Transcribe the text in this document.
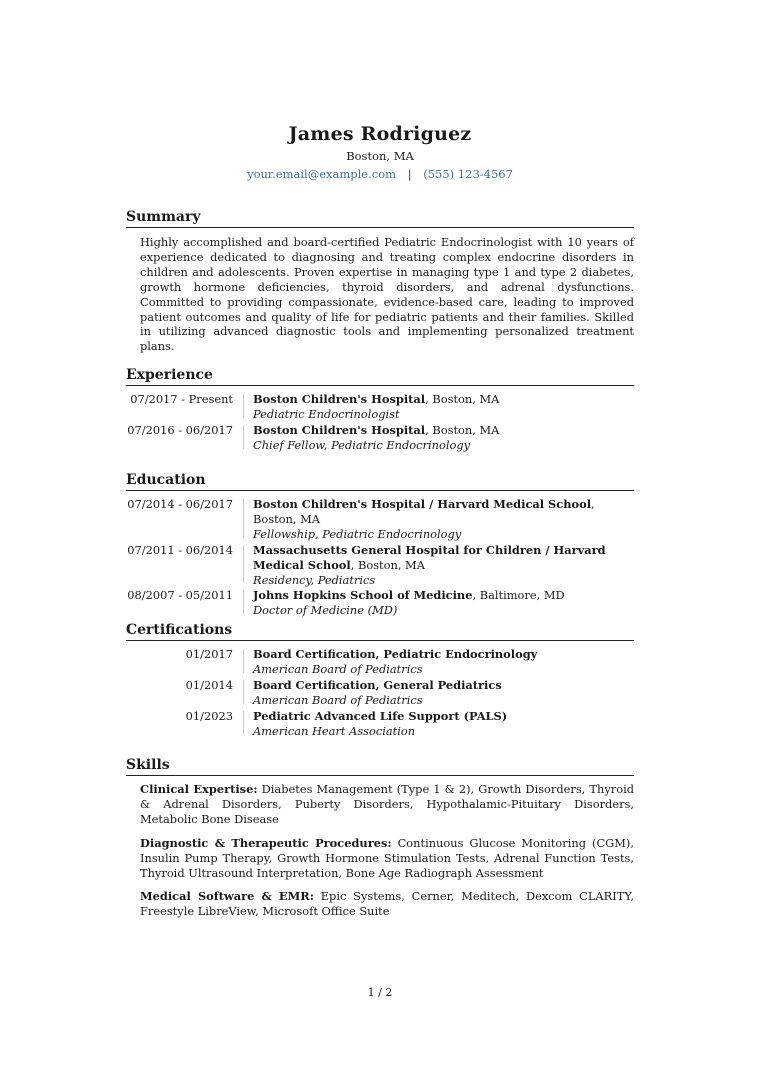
James Rodriguez
Boston, MA
your.email@example.com | (555) 123-4567
Summary
Highly accomplished and board-certified Pediatric Endocrinologist with 10 years of experience dedicated to diagnosing and treating complex endocrine disorders in children and adolescents. Proven expertise in managing type 1 and type 2 diabetes, growth hormone deficiencies, thyroid disorders, and adrenal dysfunctions. Committed to providing compassionate, evidence-based care, leading to improved patient outcomes and quality of life for pediatric patients and their families. Skilled in utilizing advanced diagnostic tools and implementing personalized treatment plans.
Experience
07/2017 - Present	Boston Children's Hospital, Boston, MA
Pediatric Endocrinologist
07/2016 - 06/2017	Boston Children's Hospital, Boston, MA
Chief Fellow, Pediatric Endocrinology
Education
07/2014 - 06/2017	Boston Children's Hospital / Harvard Medical School, Boston, MA
Fellowship, Pediatric Endocrinology
07/2011 - 06/2014	Massachusetts General Hospital for Children / Harvard Medical School, Boston, MA
Residency, Pediatrics
08/2007 - 05/2011	Johns Hopkins School of Medicine, Baltimore, MD
Doctor of Medicine (MD)
Certifications
01/2017	Board Certification, Pediatric Endocrinology
American Board of Pediatrics
01/2014	Board Certification, General Pediatrics
American Board of Pediatrics
01/2023	Pediatric Advanced Life Support (PALS)
American Heart Association
Skills
Clinical Expertise: Diabetes Management (Type 1 & 2), Growth Disorders, Thyroid & Adrenal Disorders, Puberty Disorders, Hypothalamic-Pituitary Disorders, Metabolic Bone Disease
Diagnostic & Therapeutic Procedures: Continuous Glucose Monitoring (CGM), Insulin Pump Therapy, Growth Hormone Stimulation Tests, Adrenal Function Tests, Thyroid Ultrasound Interpretation, Bone Age Radiograph Assessment
Medical Software & EMR: Epic Systems, Cerner, Meditech, Dexcom CLARITY, Freestyle LibreView, Microsoft Office Suite
1 / 2
